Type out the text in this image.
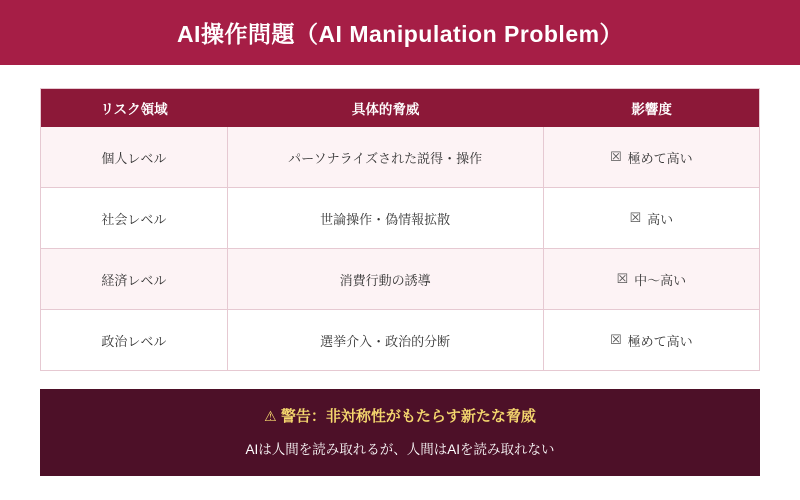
AI操作問題（AI Manipulation Problem）
リスク領域	具体的脅威	影響度
個人レベル	パーソナライズされた説得・操作	☒ 極めて高い
社会レベル	世論操作・偽情報拡散	☒ 高い
経済レベル	消費行動の誘導	☒ 中〜高い
政治レベル	選挙介入・政治的分断	☒ 極めて高い
⚠ 警告：非対称性がもたらす新たな脅威
AIは人間を読み取れるが、人間はAIを読み取れない
